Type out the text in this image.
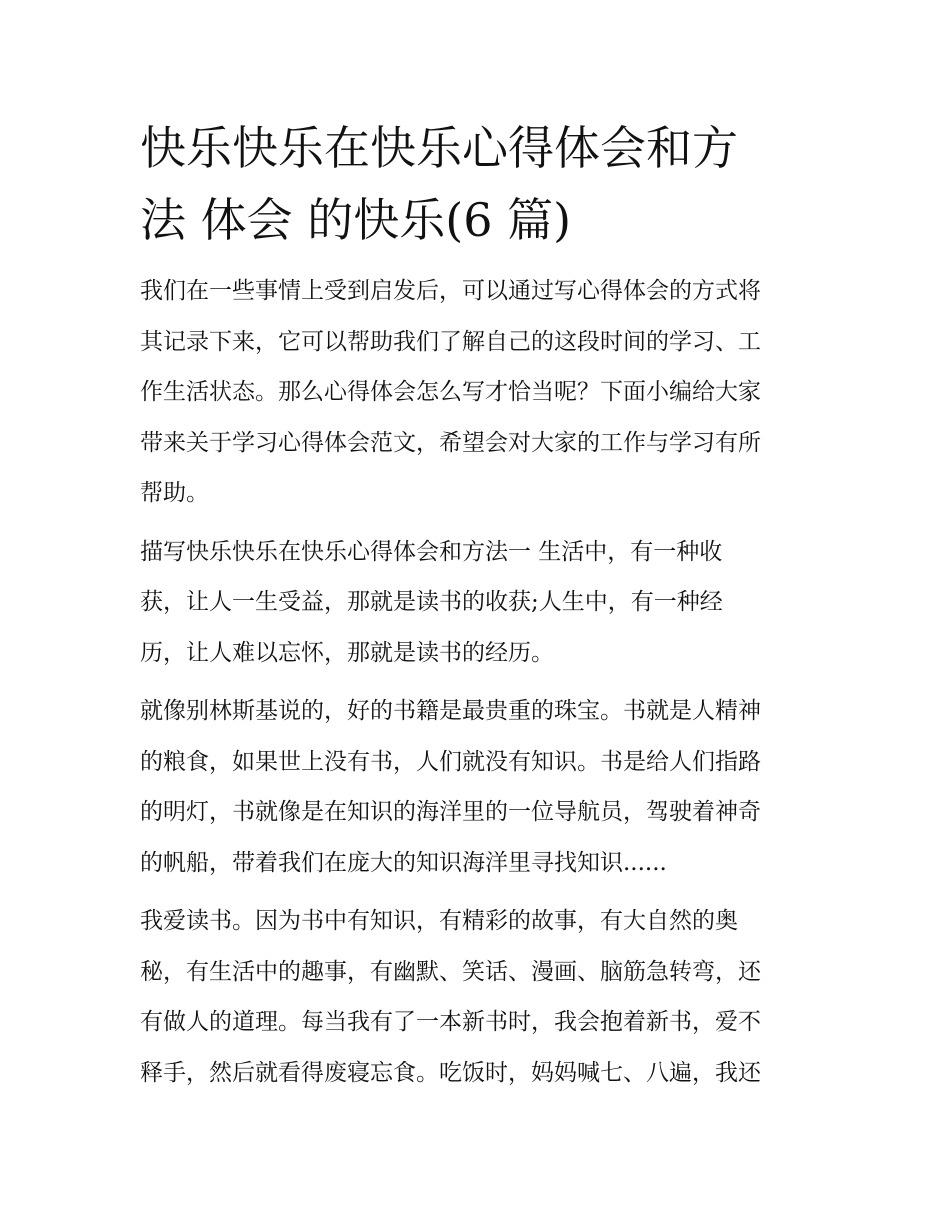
快乐快乐在快乐心得体会和方
法 体会 的快乐(6 篇)

我们在一些事情上受到启发后，可以通过写心得体会的方式将
其记录下来，它可以帮助我们了解自己的这段时间的学习、工
作生活状态。那么心得体会怎么写才恰当呢？下面小编给大家
带来关于学习心得体会范文，希望会对大家的工作与学习有所
帮助。

描写快乐快乐在快乐心得体会和方法一 生活中，有一种收
获，让人一生受益，那就是读书的收获;人生中，有一种经
历，让人难以忘怀，那就是读书的经历。

就像别林斯基说的，好的书籍是最贵重的珠宝。书就是人精神
的粮食，如果世上没有书，人们就没有知识。书是给人们指路
的明灯，书就像是在知识的海洋里的一位导航员，驾驶着神奇
的帆船，带着我们在庞大的知识海洋里寻找知识......

我爱读书。因为书中有知识，有精彩的故事，有大自然的奥
秘，有生活中的趣事，有幽默、笑话、漫画、脑筋急转弯，还
有做人的道理。每当我有了一本新书时，我会抱着新书，爱不
释手，然后就看得废寝忘食。吃饭时，妈妈喊七、八遍，我还
